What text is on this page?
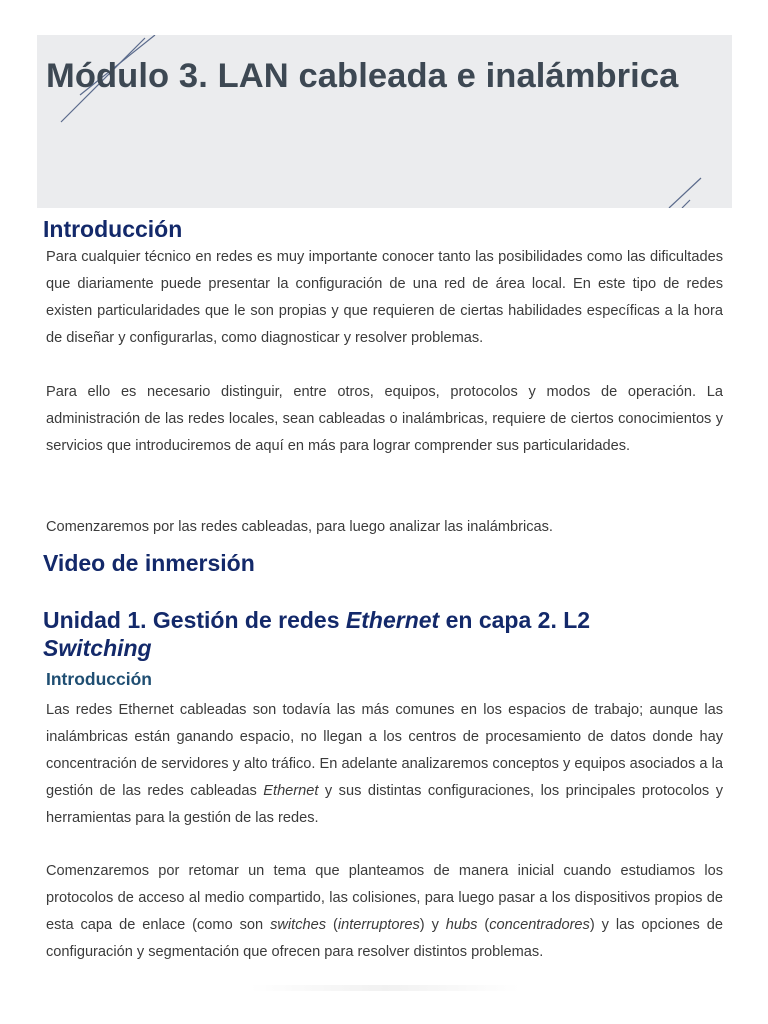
Módulo 3. LAN cableada e inalámbrica
Introducción

Para cualquier técnico en redes es muy importante conocer tanto las posibilidades como las dificultades que diariamente puede presentar la configuración de una red de área local. En este tipo de redes existen particularidades que le son propias y que requieren de ciertas habilidades específicas a la hora de diseñar y configurarlas, como diagnosticar y resolver problemas.

Para ello es necesario distinguir, entre otros, equipos, protocolos y modos de operación. La administración de las redes locales, sean cableadas o inalámbricas, requiere de ciertos conocimientos y servicios que introduciremos de aquí en más para lograr comprender sus particularidades.

Comenzaremos por las redes cableadas, para luego analizar las inalámbricas.

Video de inmersión
Unidad 1. Gestión de redes Ethernet en capa 2. L2 Switching
Introducción

Las redes Ethernet cableadas son todavía las más comunes en los espacios de trabajo; aunque las inalámbricas están ganando espacio, no llegan a los centros de procesamiento de datos donde hay concentración de servidores y alto tráfico. En adelante analizaremos conceptos y equipos asociados a la gestión de las redes cableadas Ethernet y sus distintas configuraciones, los principales protocolos y herramientas para la gestión de las redes.

Comenzaremos por retomar un tema que planteamos de manera inicial cuando estudiamos los protocolos de acceso al medio compartido, las colisiones, para luego pasar a los dispositivos propios de esta capa de enlace (como son switches (interruptores) y hubs (concentradores) y las opciones de configuración y segmentación que ofrecen para resolver distintos problemas.
